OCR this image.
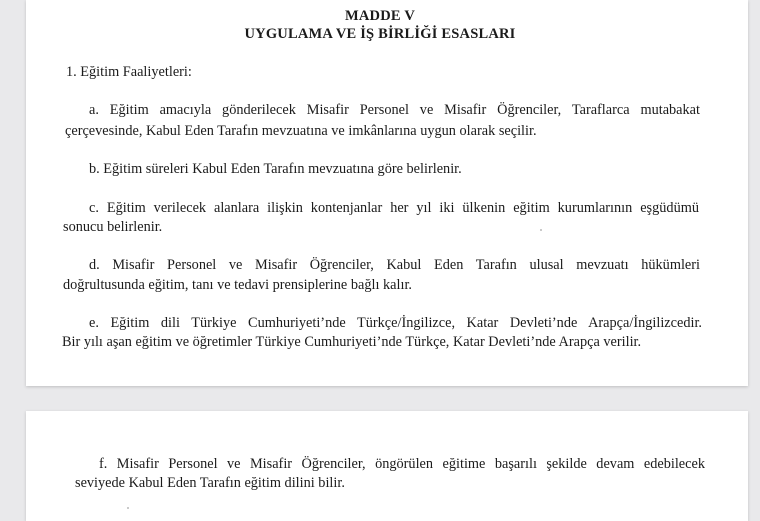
MADDE V
UYGULAMA VE İŞ BİRLİĞİ ESASLARI
1. Eğitim Faaliyetleri:
a. Eğitim amacıyla gönderilecek Misafir Personel ve Misafir Öğrenciler, Taraflarca mutabakat
çerçevesinde, Kabul Eden Tarafın mevzuatına ve imkânlarına uygun olarak seçilir.
b. Eğitim süreleri Kabul Eden Tarafın mevzuatına göre belirlenir.
c. Eğitim verilecek alanlara ilişkin kontenjanlar her yıl iki ülkenin eğitim kurumlarının eşgüdümü
sonucu belirlenir.
d. Misafir Personel ve Misafir Öğrenciler, Kabul Eden Tarafın ulusal mevzuatı hükümleri
doğrultusunda eğitim, tanı ve tedavi prensiplerine bağlı kalır.
e. Eğitim dili Türkiye Cumhuriyeti’nde Türkçe/İngilizce, Katar Devleti’nde Arapça/İngilizcedir.
Bir yılı aşan eğitim ve öğretimler Türkiye Cumhuriyeti’nde Türkçe, Katar Devleti’nde Arapça verilir.
f. Misafir Personel ve Misafir Öğrenciler, öngörülen eğitime başarılı şekilde devam edebilecek
seviyede Kabul Eden Tarafın eğitim dilini bilir.
